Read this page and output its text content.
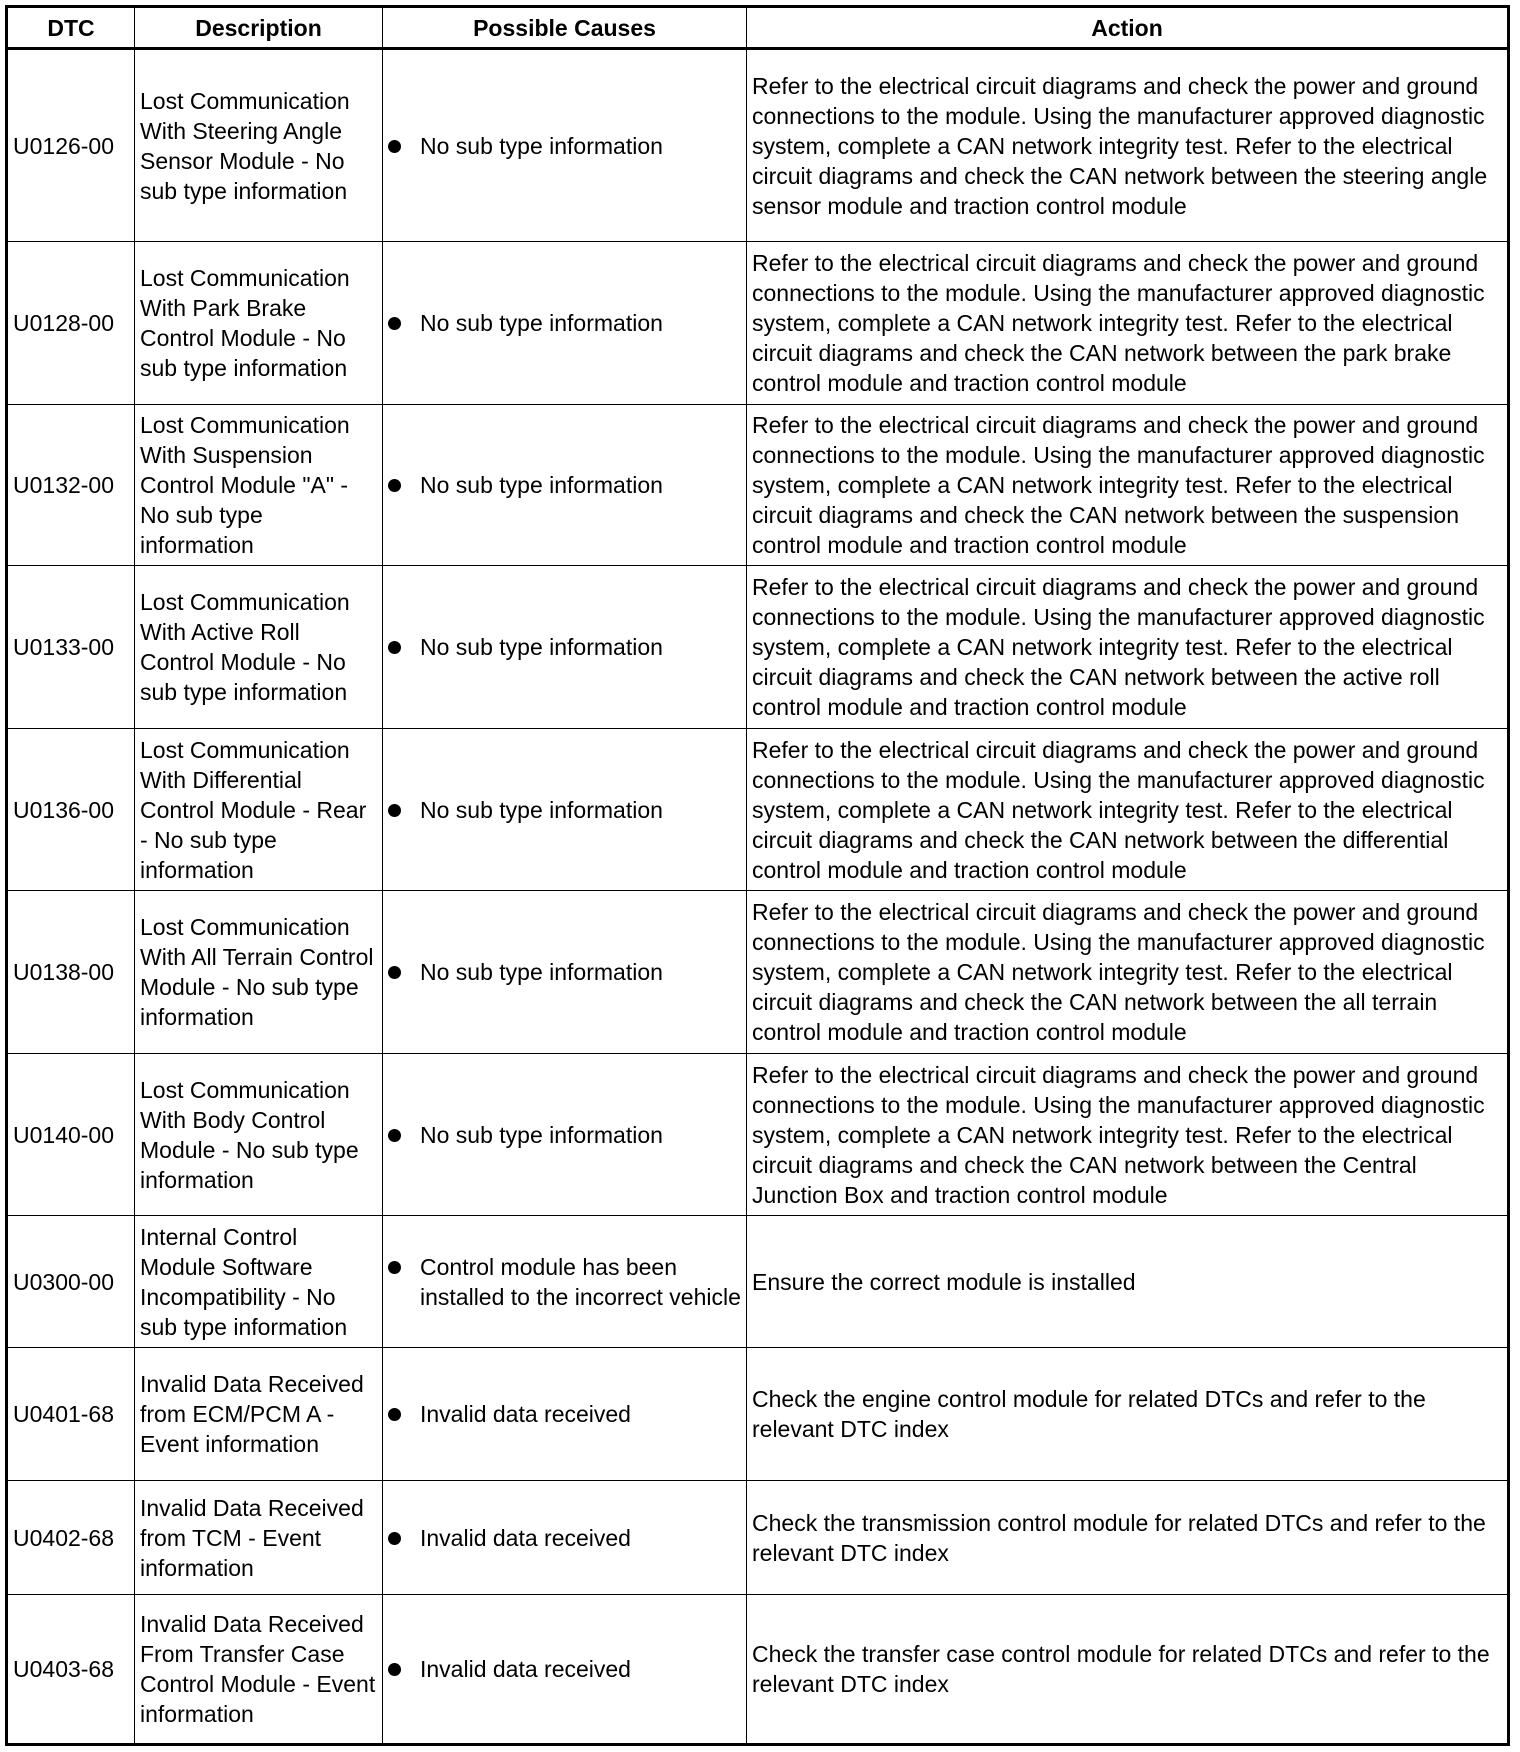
DTC	Description	Possible Causes	Action
U0126-00	Lost Communication With Steering Angle Sensor Module - No sub type information	No sub type information	Refer to the electrical circuit diagrams and check the power and ground connections to the module. Using the manufacturer approved diagnostic system, complete a CAN network integrity test. Refer to the electrical circuit diagrams and check the CAN network between the steering angle sensor module and traction control module
U0128-00	Lost Communication With Park Brake Control Module - No sub type information	No sub type information	Refer to the electrical circuit diagrams and check the power and ground connections to the module. Using the manufacturer approved diagnostic system, complete a CAN network integrity test. Refer to the electrical circuit diagrams and check the CAN network between the park brake control module and traction control module
U0132-00	Lost Communication With Suspension Control Module "A" - No sub type information	No sub type information	Refer to the electrical circuit diagrams and check the power and ground connections to the module. Using the manufacturer approved diagnostic system, complete a CAN network integrity test. Refer to the electrical circuit diagrams and check the CAN network between the suspension control module and traction control module
U0133-00	Lost Communication With Active Roll Control Module - No sub type information	No sub type information	Refer to the electrical circuit diagrams and check the power and ground connections to the module. Using the manufacturer approved diagnostic system, complete a CAN network integrity test. Refer to the electrical circuit diagrams and check the CAN network between the active roll control module and traction control module
U0136-00	Lost Communication With Differential Control Module - Rear - No sub type information	No sub type information	Refer to the electrical circuit diagrams and check the power and ground connections to the module. Using the manufacturer approved diagnostic system, complete a CAN network integrity test. Refer to the electrical circuit diagrams and check the CAN network between the differential control module and traction control module
U0138-00	Lost Communication With All Terrain Control Module - No sub type information	No sub type information	Refer to the electrical circuit diagrams and check the power and ground connections to the module. Using the manufacturer approved diagnostic system, complete a CAN network integrity test. Refer to the electrical circuit diagrams and check the CAN network between the all terrain control module and traction control module
U0140-00	Lost Communication With Body Control Module - No sub type information	No sub type information	Refer to the electrical circuit diagrams and check the power and ground connections to the module. Using the manufacturer approved diagnostic system, complete a CAN network integrity test. Refer to the electrical circuit diagrams and check the CAN network between the Central Junction Box and traction control module
U0300-00	Internal Control Module Software Incompatibility - No sub type information	Control module has been installed to the incorrect vehicle	Ensure the correct module is installed
U0401-68	Invalid Data Received from ECM/PCM A - Event information	Invalid data received	Check the engine control module for related DTCs and refer to the relevant DTC index
U0402-68	Invalid Data Received from TCM - Event information	Invalid data received	Check the transmission control module for related DTCs and refer to the relevant DTC index
U0403-68	Invalid Data Received From Transfer Case Control Module - Event information	Invalid data received	Check the transfer case control module for related DTCs and refer to the relevant DTC index
